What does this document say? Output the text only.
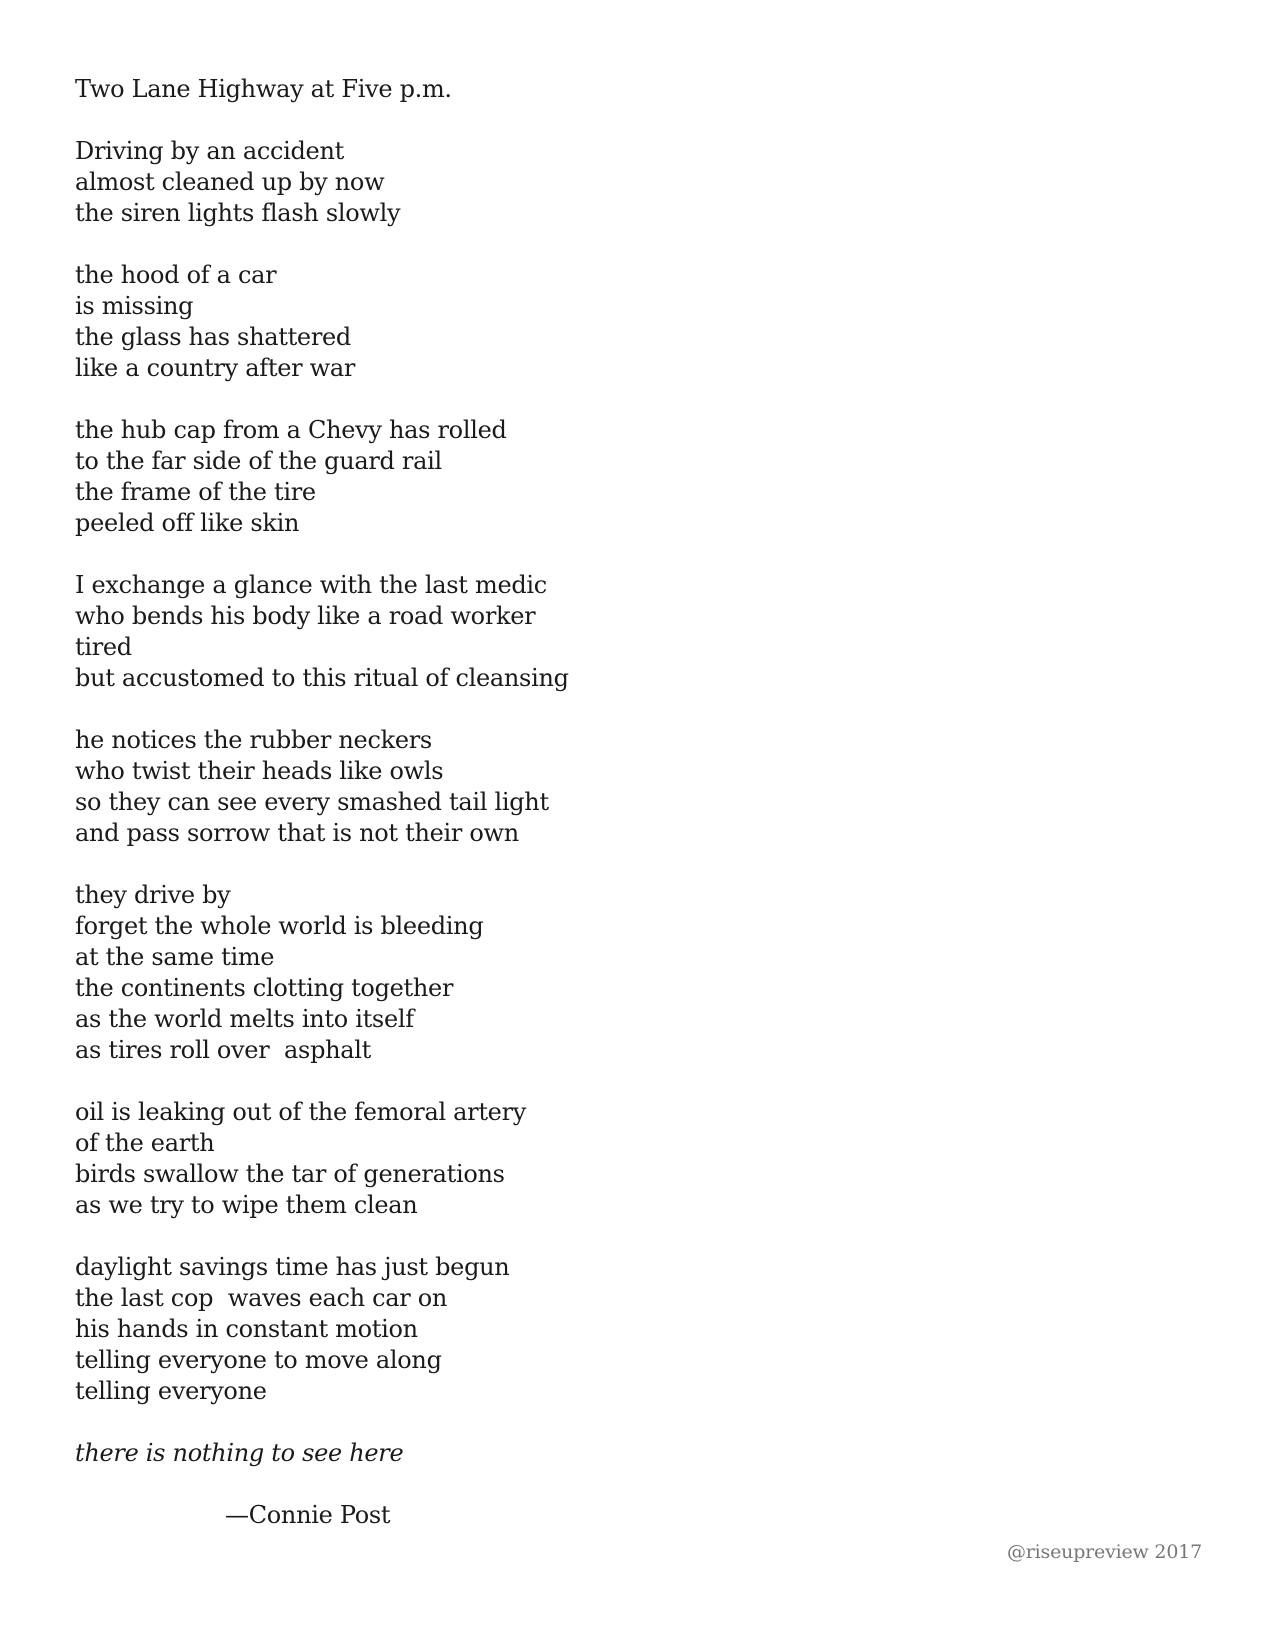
Two Lane Highway at Five p.m.
Driving by an accident
almost cleaned up by now
the siren lights flash slowly
the hood of a car
is missing
the glass has shattered
like a country after war
the hub cap from a Chevy has rolled
to the far side of the guard rail
the frame of the tire
peeled off like skin
I exchange a glance with the last medic
who bends his body like a road worker
tired
but accustomed to this ritual of cleansing
he notices the rubber neckers
who twist their heads like owls
so they can see every smashed tail light
and pass sorrow that is not their own
they drive by
forget the whole world is bleeding
at the same time
the continents clotting together
as the world melts into itself
as tires roll over  asphalt
oil is leaking out of the femoral artery
of the earth
birds swallow the tar of generations
as we try to wipe them clean
daylight savings time has just begun
the last cop  waves each car on
his hands in constant motion
telling everyone to move along
telling everyone
there is nothing to see here
—Connie Post
@riseupreview 2017
